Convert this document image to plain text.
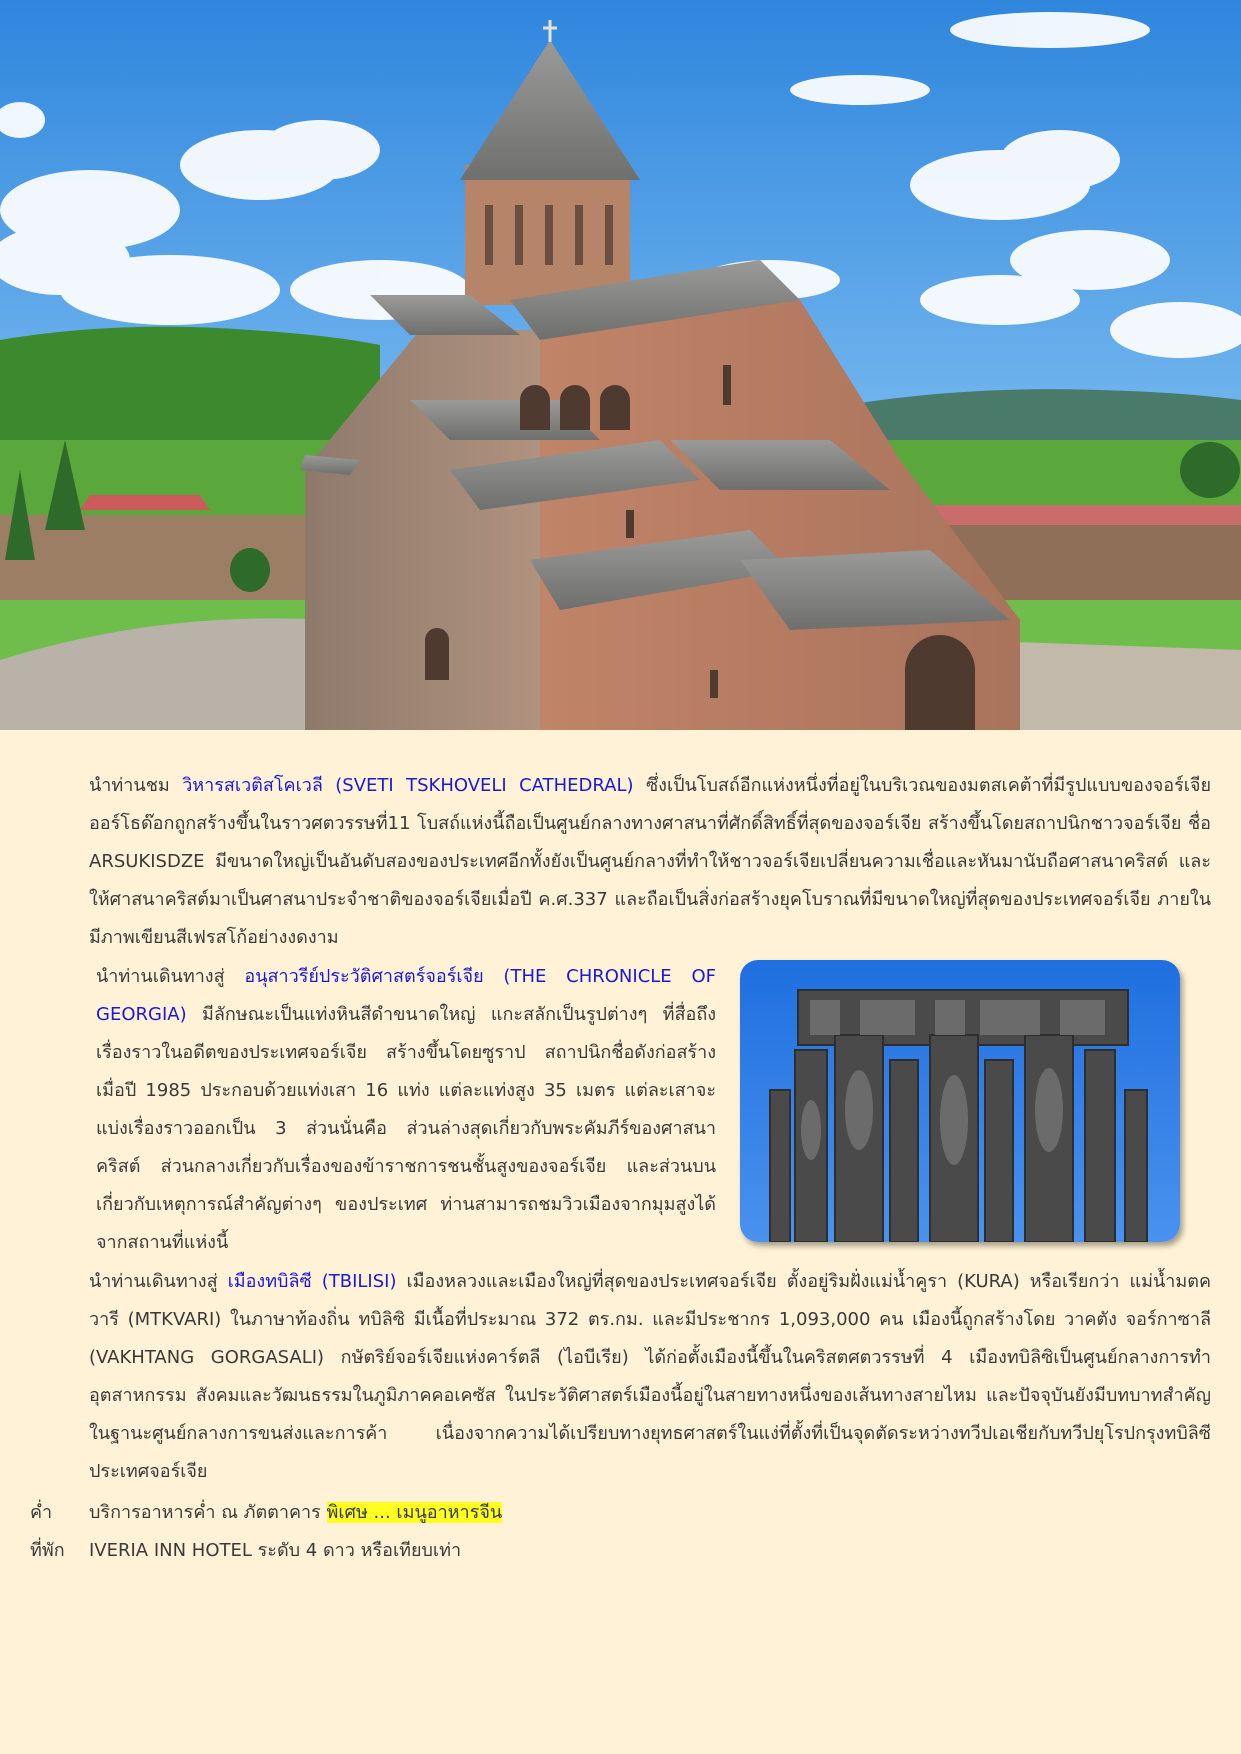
นำท่านชม วิหารสเวติสโคเวลี (SVETI TSKHOVELI CATHEDRAL) ซึ่งเป็นโบสถ์อีกแห่งหนึ่งที่อยู่ในบริเวณของมตสเคต้าที่มีรูปแบบของจอร์เจียออร์โธด๊อกถูกสร้างขึ้นในราวศตวรรษที่11 โบสถ์แห่งนี้ถือเป็นศูนย์กลางทางศาสนาที่ศักดิ์สิทธิ์ที่สุดของจอร์เจีย สร้างขึ้นโดยสถาปนิกชาวจอร์เจีย ชื่อ ARSUKISDZE มีขนาดใหญ่เป็นอันดับสองของประเทศอีกทั้งยังเป็นศูนย์กลางที่ทำให้ชาวจอร์เจียเปลี่ยนความเชื่อและหันมานับถือศาสนาคริสต์ และให้ศาสนาคริสต์มาเป็นศาสนาประจำชาติของจอร์เจียเมื่อปี ค.ศ.337 และถือเป็นสิ่งก่อสร้างยุคโบราณที่มีขนาดใหญ่ที่สุดของประเทศจอร์เจีย ภายในมีภาพเขียนสีเฟรสโก้อย่างงดงาม

นำท่านเดินทางสู่ อนุสาวรีย์ประวัติศาสตร์จอร์เจีย (THE CHRONICLE OF GEORGIA) มีลักษณะเป็นแท่งหินสีดำขนาดใหญ่ แกะสลักเป็นรูปต่างๆ ที่สื่อถึงเรื่องราวในอดีตของประเทศจอร์เจีย สร้างขึ้นโดยซูราป สถาปนิกชื่อดังก่อสร้างเมื่อปี 1985 ประกอบด้วยแท่งเสา 16 แท่ง แต่ละแท่งสูง 35 เมตร แต่ละเสาจะแบ่งเรื่องราวออกเป็น 3 ส่วนนั่นคือ ส่วนล่างสุดเกี่ยวกับพระคัมภีร์ของศาสนาคริสต์ ส่วนกลางเกี่ยวกับเรื่องของข้าราชการชนชั้นสูงของจอร์เจีย และส่วนบนเกี่ยวกับเหตุการณ์สำคัญต่างๆ ของประเทศ ท่านสามารถชมวิวเมืองจากมุมสูงได้จากสถานที่แห่งนี้

นำท่านเดินทางสู่ เมืองทบิลิซี (TBILISI) เมืองหลวงและเมืองใหญ่ที่สุดของประเทศจอร์เจีย ตั้งอยู่ริมฝั่งแม่น้ำคูรา (KURA) หรือเรียกว่า แม่น้ำมตควารี (MTKVARI) ในภาษาท้องถิ่น ทบิลิซิ มีเนื้อที่ประมาณ 372 ตร.กม. และมีประชากร 1,093,000 คน เมืองนี้ถูกสร้างโดย วาคตัง จอร์กาซาลี (VAKHTANG GORGASALI) กษัตริย์จอร์เจียแห่งคาร์ตลี (ไอบีเรีย) ได้ก่อตั้งเมืองนี้ขึ้นในคริสตศตวรรษที่ 4 เมืองทบิลิซิเป็นศูนย์กลางการทำอุตสาหกรรม สังคมและวัฒนธรรมในภูมิภาคคอเคซัส ในประวัติศาสตร์เมืองนี้อยู่ในสายทางหนึ่งของเส้นทางสายไหม และปัจจุบันยังมีบทบาทสำคัญในฐานะศูนย์กลางการขนส่งและการค้า เนื่องจากความได้เปรียบทางยุทธศาสตร์ในแง่ที่ตั้งที่เป็นจุดตัดระหว่างทวีปเอเชียกับทวีปยุโรปกรุงทบิลิซี ประเทศจอร์เจีย

ค่ำ บริการอาหารค่ำ ณ ภัตตาคาร พิเศษ ... เมนูอาหารจีน
ที่พัก IVERIA INN HOTEL ระดับ 4 ดาว หรือเทียบเท่า
